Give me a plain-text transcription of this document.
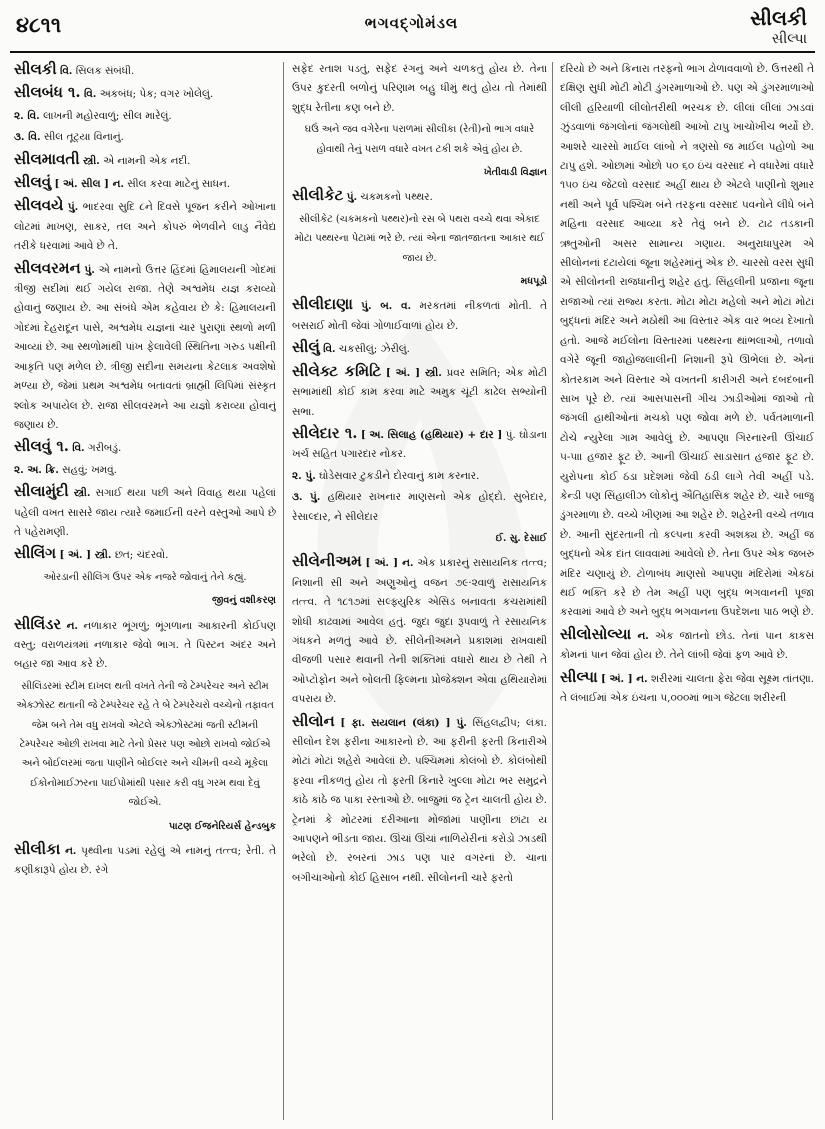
૪૮૧૧	ભગવદ્ગોમંડલ	સીલકી
સીલ્પા
સીલકી વિ. સિલક સંબંધી.
સીલબંધ ૧. વિ. અકબંધ; પેક; વગર ખોલેલું.
૨. વિ. લાખની મહોરવાળું; સીલ મારેલું.
૩. વિ. સીલ તૂટ્યા વિનાનું.
સીલમાવતી સ્ત્રી. એ નામની એક નદી.
સીલવું [ અં. સીલ ] ન. સીલ કરવા માટેનું સાધન.
સીલવયે પું. ભાદરવા સુદિ ૮ને દિવસે પૂજન કરીને ઓખાના લોટમાં માખણ, સાકર, તલ અને કોપરું ભેળવીને લાડુ નૈવેદ્ય તરીકે ધરવામાં આવે છે તે.
સીલવરમન પું. એ નામનો ઉત્તર હિંદમાં હિમાલયની ગોદમાં ત્રીજી સદીમાં થઈ ગયેલ રાજા. તેણે અશ્વમેધ યજ્ઞ કરાવ્યો હોવાનું જણાય છે. આ સંબંધે એમ કહેવાય છે કે: હિમાલયની ગોદમાં દેહરાદૂન પાસે, અશ્વમેધ યજ્ઞનાં ચાર પુરાણાં સ્થળો મળી આવ્યાં છે. આ સ્થળોમાંથી પાંખ ફેલાવેલી સ્થિતિના ગરુડ પક્ષીની આકૃતિ પણ મળેલ છે. ત્રીજી સદીના સમયના કેટલાક અવશેષો મળ્યા છે, જેમાં પ્રથમ અશ્વમેધ બતાવતાં બ્રાહ્મી લિપિમાં સંસ્કૃત શ્લોક અપાયેલ છે. રાજા સીલવરમને આ યજ્ઞો કરાવ્યા હોવાનું જણાય છે.
સીલવું ૧. વિ. ગરીબડું.
૨. અ. ક્રિ. સહવું; ખમવું.
સીલામુંદી સ્ત્રી. સગાઈ થયા પછી અને વિવાહ થયા પહેલાં પહેલી વખત સાસરે જાય ત્યારે જમાઈની વરને વસ્તુઓ આપે છે તે પહેરામણી.
સીલિંગ [ અં. ] સ્ત્રી. છત; ચંદરવો.
ઓરડાની સીલિંગ ઉપર એક નજરે જોવાનું તેને કહ્યું.
જીવનું વશીકરણ
સીલિંડર ન. નળાકાર ભૂંગળું; ભૂંગળાના આકારની કોઈપણ વસ્તુ; વરાળયંત્રમાં નળાકાર જેવો ભાગ. તે પિસ્ટન અંદર અને બહાર જા આવ કરે છે.
સીલિંડરમાં સ્ટીમ દાખલ થતી વખતે તેની જે ટેમ્પરેચર અને સ્ટીમ એક્ઝોસ્ટ થતાની જે ટેમ્પરેચર રહે તે બે ટેમ્પરેચરો વચ્ચેનો તફાવત જેમ બને તેમ વધુ રાખવો એટલે એક્ઝોસ્ટમાં જતી સ્ટીમની ટેમ્પરેચર ઓછી રાખવા માટે તેનો પ્રેસર પણ ઓછો રાખવો જોઈએ અને બોઈલરમાં જતા પાણીને બોઈલર અને ચીમની વચ્ચે મૂકેલા ઈકોનોમાઈઝરના પાઈપોમાંથી પસાર કરી વધુ ગરમ થવા દેવું જોઈએ.
પાટણ ઈજનેરિયર્સ હેન્ડબુક
સીલીકા ન. પૃથ્વીના પડમાં રહેલું એ નામનું તત્ત્વ; રેતી. તે કણીકારૂપે હોય છે. રંગે
સફેદ રતાશ પડતું, સફેદ રંગનું અને ચળકતું હોય છે. તેના ઉપર કુદરતી બળોનું પરિણામ બહુ ધીમું થતું હોય તો તેમાંથી શુદ્ધ રેતીના કણ બને છે.
ઘઉં અને જવ વગેરેના પરાળમાં સીલીકા (રેતી)નો ભાગ વધારે હોવાથી તેનું પરાળ વધારે વખત ટકી શકે એવું હોય છે.
ખેતીવાડી વિજ્ઞાન
સીલીકેટ પું. ચકમકનો પથ્થર.
સીલીકેટ (ચકમકનો પથ્થર)નો રસ બે પથરા વચ્ચે થવા એકાદ મોટા પથ્થરના પેટામાં ભરે છે. ત્યાં એના જાતજાતના આકાર થઈ જાય છે.
મધપૂડો
સીલીદાણા પું. બ. વ. મરકતમાં નીકળતાં મોતી. તે બસરાઈ મોતી જેવાં ગોળાઈવાળાં હોય છે.
સીલું વિ. ચકસીલું; ઝેરીલું.
સીલેક્ટ કમિટિ [ અં. ] સ્ત્રી. પ્રવર સમિતિ; એક મોટી સભામાંથી કોઈ કામ કરવા માટે અમુક ચૂંટી કાઢેલ સભ્યોની સભા.
સીલેદાર ૧. [ અ. સિલાહ (હથિયાર) + દાર ] પું. ઘોડાના ખર્ચ સહિત પગારદાર નોકર.
૨. પું. ઘોડેસવાર ટુકડીને દોરવાનું કામ કરનાર.
૩. પું. હથિયાર રાખનાર માણસનો એક હોદ્દો. સુબેદાર, રેસાલ્દાર, ને સીલેદાર
ઈ. સુ. દેસાઈ
સીલેનીઅમ [ અં. ] ન. એક પ્રકારનું રાસાયનિક તત્ત્વ; નિશાની સી અને અણુઓનું વજન ૭૯·૨વાળું રાસાયનિક તત્ત્વ. તે ૧૮૧૭માં સલ્ફ્યુરિક એસિડ બનાવતા કચરામાંથી શોધી કાઢવામાં આવેલ હતું. જુદા જુદા રૂપવાળું તે રસાયનિક ગંધકને મળતું આવે છે. સીલેનીઅમને પ્રકાશમાં રાખવાથી વીજળી પસાર થવાની તેની શક્તિમાં વધારો થાય છે તેથી તે ઓપ્ટોફોન અને બોલતી ફિલ્મના પ્રોજેક્શન એવા હથિયારોમાં વપરાય છે.
સીલોન [ ફા. સયલાન (લંકા) ] પું. સિંહલદ્વીપ; લંકા. સીલોન દેશ ફરીના આકારનો છે. આ ફરીની ફરતી કિનારીએ મોટાં મોટાં શહેરો આવેલાં છે. પશ્ચિમમાં કોલંબો છે. કોલંબોથી ફરવા નીકળતું હોય તો ફરતી કિનારે ખુલ્લા મોટા ભર સમુદ્રને કાંઠે કાંઠે જ પાકા રસ્તાઓ છે. બાજુમાં જ ટ્રેન ચાલતી હોય છે. ટ્રેનમાં કે મોટરમાં દરીઆના મોજાંમાં પાણીના છાંટા ય આપણને ભીડતા જાય. ઊંચાં ઊંચાં નાળિયેરીનાં કરોડો ઝાડથી ભરેલો છે. રબરનાં ઝાડ પણ પાર વગરનાં છે. ચાના બગીચાઓનો કોઈ હિસાબ નથી. સીલોનની ચારે ફરતો
દરિયો છે અને કિનારા તરફનો ભાગ ઢોળાવવાળો છે. ઉત્તરથી તે દક્ષિણ સુધી મોટી મોટી ડુંગરમાળાઓ છે. પણ એ ડુંગરમાળાઓ લીલી હરિયાળી લીલોતરીથી ભરચક છે. લીલાં લીલાં ઝાડવાં ઝુંડવાળાં જંગલોનાં જંગલોથી આખો ટાપુ ખાચોખીચ ભર્યો છે. આશરે ચારસો માઈલ લાંબો ને ત્રણસો જ માઈલ પહોળો આ ટાપુ હશે. ઓછામાં ઓછો ૫૦ ૬૦ ઇંચ વરસાદ ને વધારેમાં વધારે ૧૫૦ ઇંચ જેટલો વરસાદ અહીં થાય છે એટલે પાણીનો શુમાર નથી અને પૂર્વ પશ્ચિમ બંને તરફના વરસાદ પવનોને લીધે બંને મહિના વરસાદ આવ્યા કરે તેવું બને છે. ટાઢ તડકાની ઋતુઓની અસર સામાન્ય ગણાય. અનુરાધાપુરમ એ સીલોનનાં દટાયેલાં જૂના શહેરમાંનું એક છે. ચારસો વરસ સુધી એ સીલોનની રાજધાનીનું શહેર હતું. સિંહલીની પ્રજાના જૂના રાજાઓ ત્યાં રાજ્ય કરતા. મોટા મોટા મહેલો અને મોટાં મોટાં બુદ્ધનાં મંદિર અને મઠોથી આ વિસ્તાર એક વાર ભવ્ય દેખાતો હતો. આજે મઈલોના વિસ્તારમાં પથ્થરના થાંભલાઓ, તળાવો વગેરે જૂની જાહોજલાલીની નિશાની રૂપે ઊભેલાં છે. એનાં કોતરકામ અને વિસ્તાર એ વખતની કારીગરી અને દબદબાની સાખ પૂરે છે. ત્યાં આસપાસની ગીચ ઝાડીઓમાં જાઓ તો જંગલી હાથીઓનાં મચકો પણ જોવા મળે છે. પર્વતમાળાની ટોચે ન્યુરેલા ગામ આવેલું છે. આપણા ગિરનારની ઊંચાઈ ૫-૫॥ હજાર ફૂટ છે. આની ઊંચાઈ સાડાસાત હજાર ફૂટ છે. યુરોપના કોઈ ઠંડા પ્રદેશમાં જેવી ઠંડી લાગે તેવી અહીં પડે. કેન્ડી પણ સિંહાલીઝ લોકોનું ઐતિહાસિક શહેર છે. ચારે બાજુ ડુંગરમાળા છે. વચ્ચે ખીણમાં આ શહેર છે. શહેરની વચ્ચે તળાવ છે. આની સુંદરતાની તો કલ્પના કરવી અશક્ય છે. અહીં જ બુદ્ધનો એક દાંત લાવવામાં આવેલો છે. તેના ઉપર એક જબરું મંદિર ચણાયું છે. ટોળાબંધ માણસો આપણા મંદિરોમાં એકઠાં થઈ ભક્તિ કરે છે તેમ અહીં પણ બુદ્ધ ભગવાનની પૂજા કરવામાં આવે છે અને બુદ્ધ ભગવાનના ઉપદેશના પાઠ ભણે છે.
સીલોસોલ્યા ન. એક જાતનો છોડ. તેનાં પાન કાકસ કોમનાં પાન જેવાં હોય છે. તેને લાંબી જેવાં ફળ આવે છે.
સીલ્પા [ અં. ] ન. શરીરમાં ચાલતા ફેરા જેવા સૂક્ષ્મ તાંતણા. તે લંબાઈમાં એક ઇંચના ૫,૦૦૦માં ભાગ જેટલા શરીરની
